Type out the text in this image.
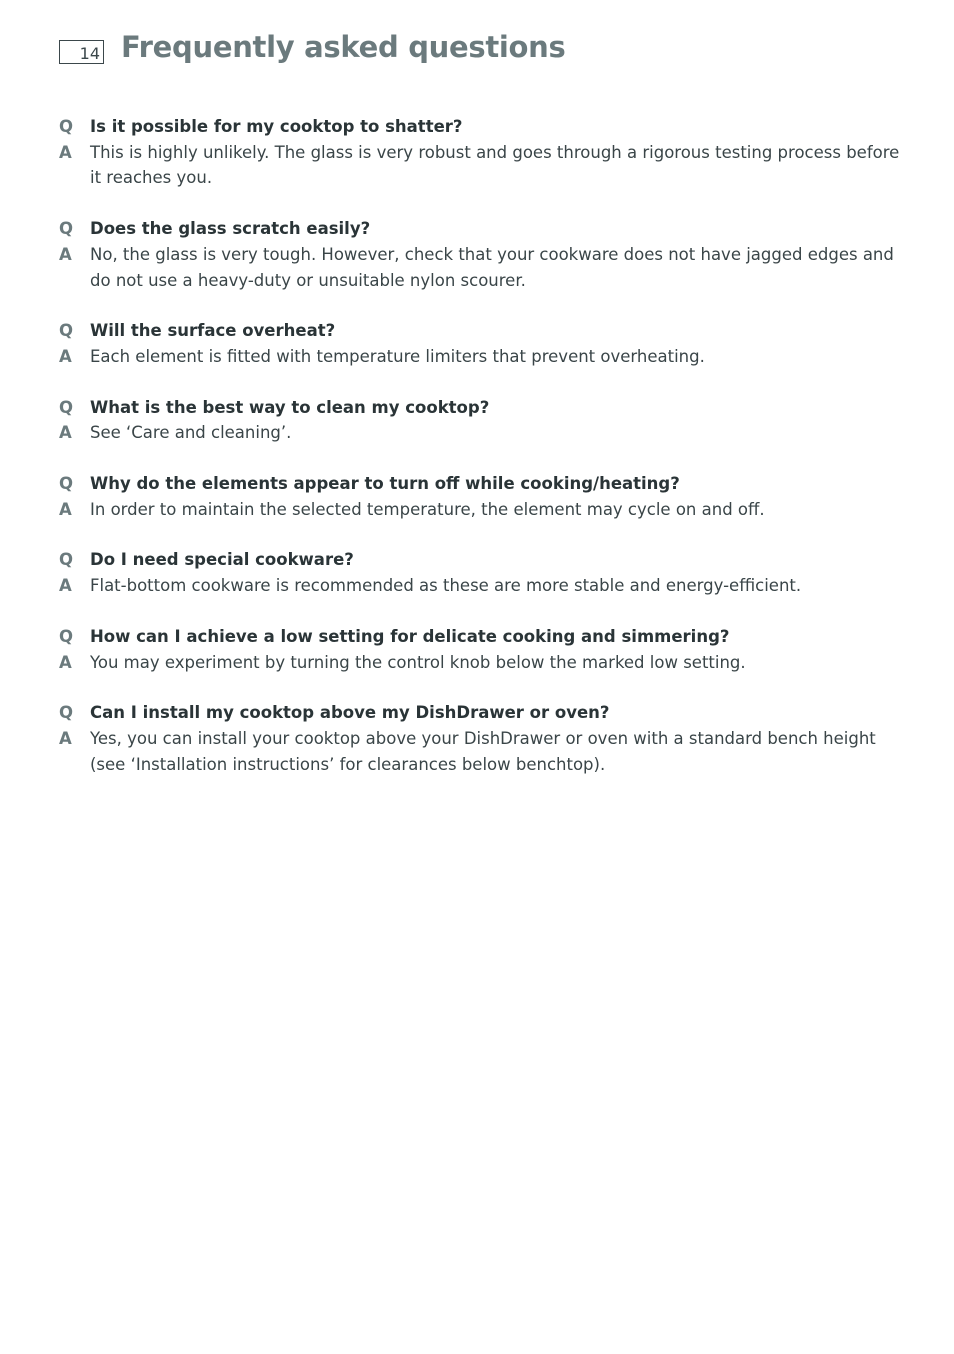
14 Frequently asked questions
Q	Is it possible for my cooktop to shatter?
A	This is highly unlikely. The glass is very robust and goes through a rigorous testing process before it reaches you.
Q	Does the glass scratch easily?
A	No, the glass is very tough. However, check that your cookware does not have jagged edges and do not use a heavy-duty or unsuitable nylon scourer.
Q	Will the surface overheat?
A	Each element is fitted with temperature limiters that prevent overheating.
Q	What is the best way to clean my cooktop?
A	See ‘Care and cleaning’.
Q	Why do the elements appear to turn off while cooking/heating?
A	In order to maintain the selected temperature, the element may cycle on and off.
Q	Do I need special cookware?
A	Flat-bottom cookware is recommended as these are more stable and energy-efficient.
Q	How can I achieve a low setting for delicate cooking and simmering?
A	You may experiment by turning the control knob below the marked low setting.
Q	Can I install my cooktop above my DishDrawer or oven?
A	Yes, you can install your cooktop above your DishDrawer or oven with a standard bench height (see ‘Installation instructions’ for clearances below benchtop).
